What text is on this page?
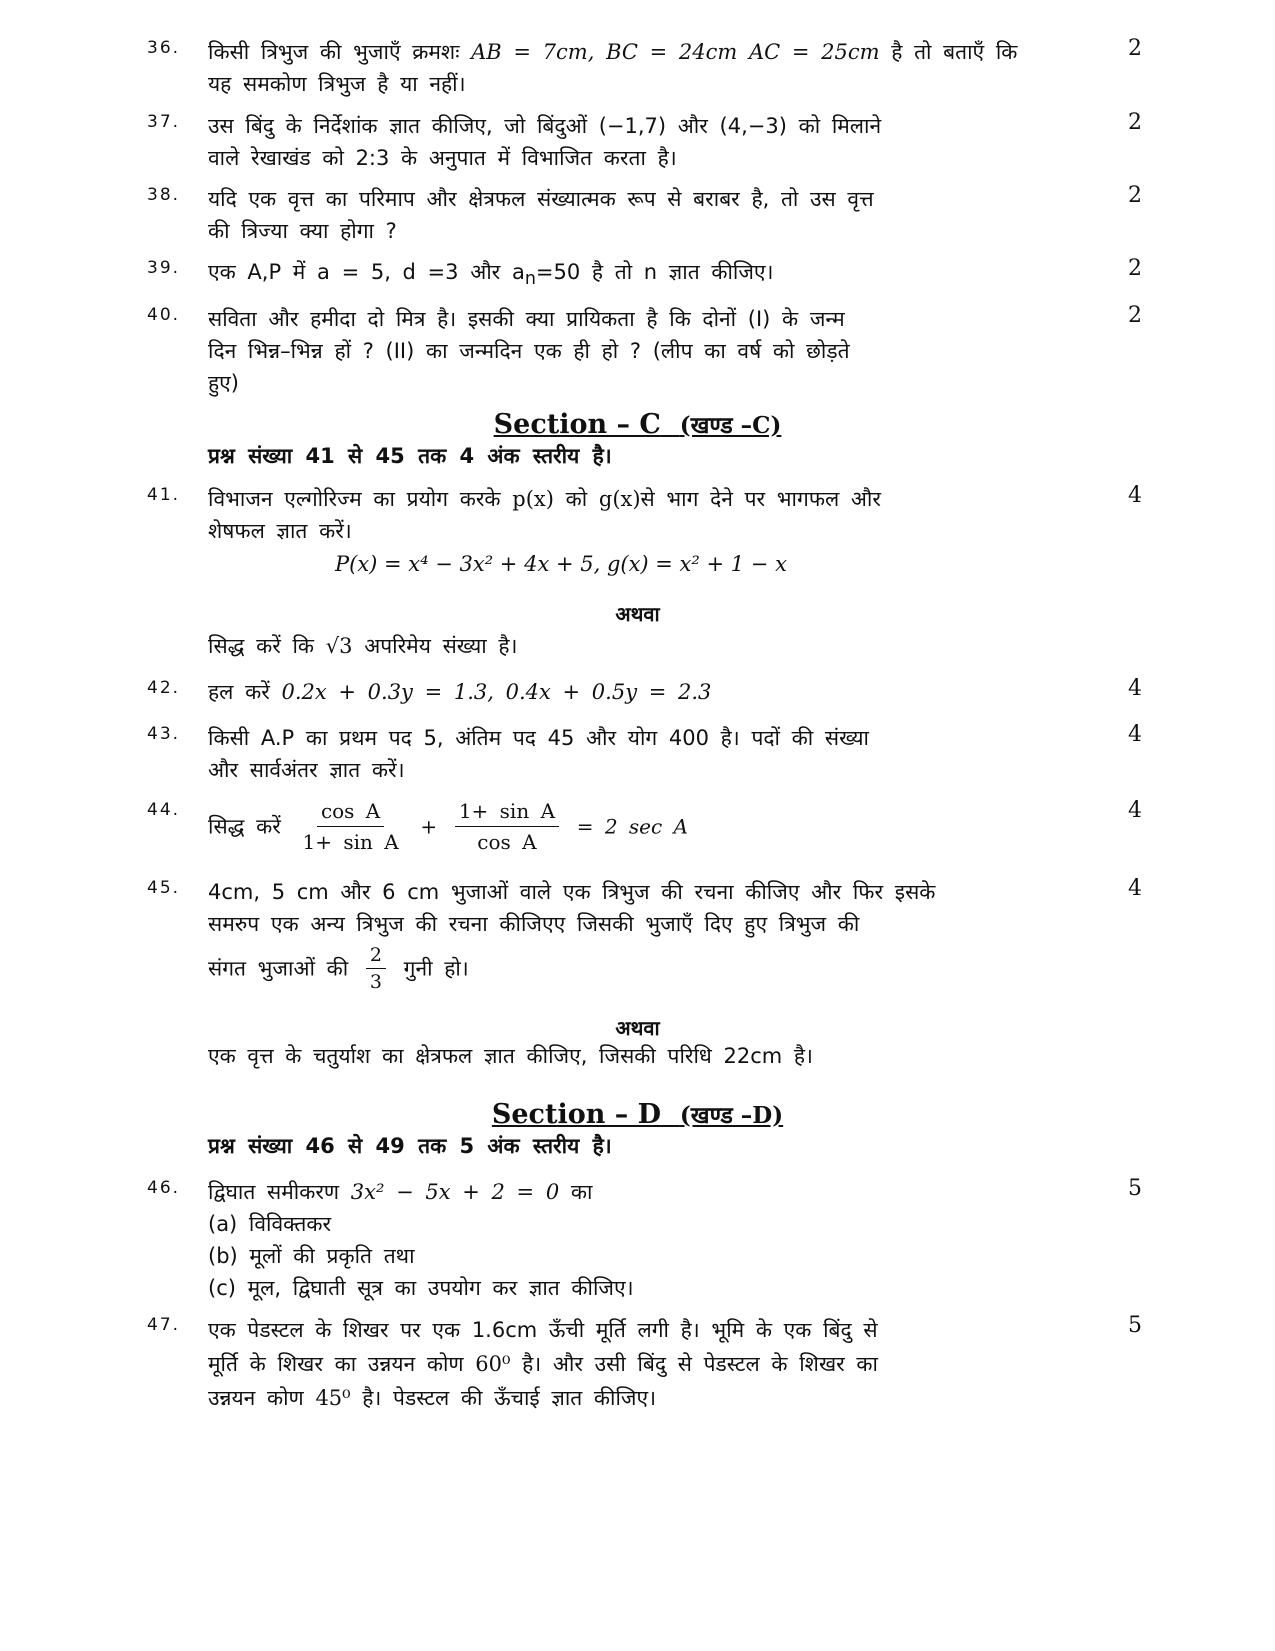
36. किसी त्रिभुज की भुजाएँ क्रमशः AB = 7cm, BC = 24cm AC = 25cm है तो बताएँ कि
यह समकोण त्रिभुज है या नहीं।
2
37. उस बिंदु के निर्देशांक ज्ञात कीजिए, जो बिंदुओं (−1,7) और (4,−3) को मिलाने
वाले रेखाखंड को 2:3 के अनुपात में विभाजित करता है।
2
38. यदि एक वृत्त का परिमाप और क्षेत्रफल संख्यात्मक रूप से बराबर है, तो उस वृत्त
की त्रिज्या क्या होगा ?
2
39. एक A,P में a = 5, d =3 और $a_n=50$ है तो n ज्ञात कीजिए।	2
40. सविता और हमीदा दो मित्र है। इसकी क्या प्रायिकता है कि दोनों (I) के जन्म
दिन भिन्न–भिन्न हों ? (II) का जन्मदिन एक ही हो ? (लीप का वर्ष को छोड़ते
हुए)
2
Section – C (खण्ड –C)
प्रश्न संख्या 41 से 45 तक 4 अंक स्तरीय है।
41. विभाजन एल्गोरिज्म का प्रयोग करके p(x) को g(x)से भाग देने पर भागफल और
शेषफल ज्ञात करें।
4
P(x) = x⁴ − 3x² + 4x + 5, g(x) = x² + 1 − x
अथवा
सिद्ध करें कि √3 अपरिमेय संख्या है।
42. हल करें 0.2x + 0.3y = 1.3, 0.4x + 0.5y = 2.3	4
43. किसी A.P का प्रथम पद 5, अंतिम पद 45 और योग 400 है। पदों की संख्या
और सार्वअंतर ज्ञात करें।
4
44.
सिद्ध करें $\frac{\text{cos A}}{\text{1+ sin A}} + \frac{\text{1+ sin A}}{\text{cos A}} = 2$ sec A
4
45. 4cm, 5 cm और 6 cm भुजाओं वाले एक त्रिभुज की रचना कीजिए और फिर इसके
समरुप एक अन्य त्रिभुज की रचना कीजिएए जिसकी भुजाएँ दिए हुए त्रिभुज की
संगत भुजाओं की $\frac{2}{3}$ गुनी हो।
4
अथवा
एक वृत्त के चतुर्याश का क्षेत्रफल ज्ञात कीजिए, जिसकी परिधि 22cm है।
Section – D (खण्ड –D)
प्रश्न संख्या 46 से 49 तक 5 अंक स्तरीय है।
46. द्विघात समीकरण 3x² − 5x + 2 = 0 का
(a) विविक्तकर
(b) मूलों की प्रकृति तथा
(c) मूल, द्विघाती सूत्र का उपयोग कर ज्ञात कीजिए।
5
47. एक पेडस्टल के शिखर पर एक 1.6cm ऊँची मूर्ति लगी है। भूमि के एक बिंदु से
मूर्ति के शिखर का उन्नयन कोण 60⁰ है। और उसी बिंदु से पेडस्टल के शिखर का
उन्नयन कोण 45⁰ है। पेडस्टल की ऊँचाई ज्ञात कीजिए।
5
